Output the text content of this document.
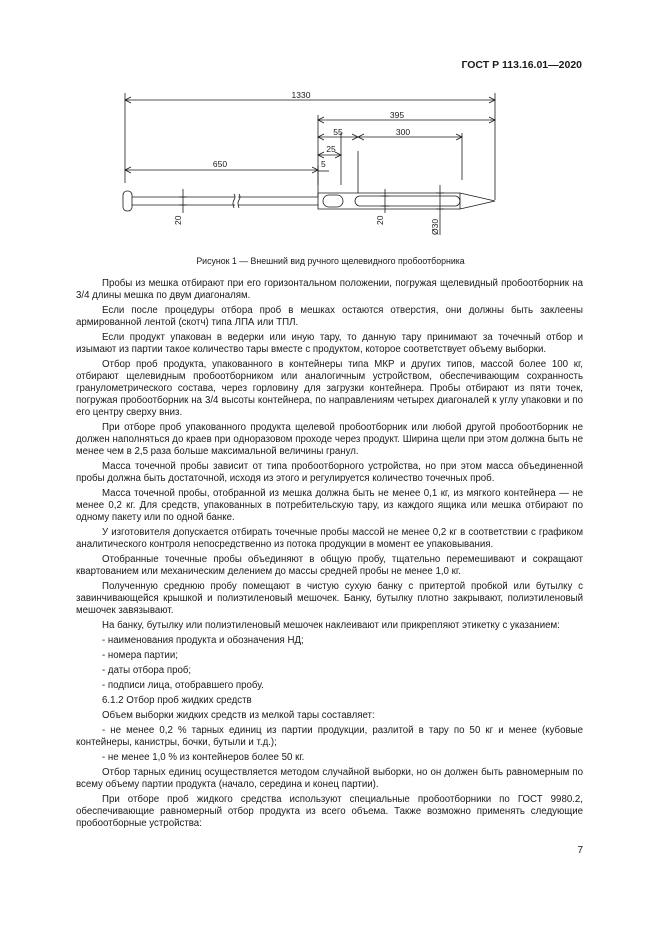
ГОСТ Р 113.16.01—2020
1330
395
55	300
25
5
650
20	20	Ø30
Рисунок 1 — Внешний вид ручного щелевидного пробоотборника

Пробы из мешка отбирают при его горизонтальном положении, погружая щелевидный пробоотборник на 3/4 длины мешка по двум диагоналям.

Если после процедуры отбора проб в мешках остаются отверстия, они должны быть заклеены армированной лентой (скотч) типа ЛПА или ТПЛ.

Если продукт упакован в ведерки или иную тару, то данную тару принимают за точечный отбор и изымают из партии такое количество тары вместе с продуктом, которое соответствует объему выборки.

Отбор проб продукта, упакованного в контейнеры типа МКР и других типов, массой более 100 кг, отбирают щелевидным пробоотборником или аналогичным устройством, обеспечивающим сохранность гранулометрического состава, через горловину для загрузки контейнера. Пробы отбирают из пяти точек, погружая пробоотборник на 3/4 высоты контейнера, по направлениям четырех диагоналей к углу упаковки и по его центру сверху вниз.

При отборе проб упакованного продукта щелевой пробоотборник или любой другой пробоотборник не должен наполняться до краев при одноразовом проходе через продукт. Ширина щели при этом должна быть не менее чем в 2,5 раза больше максимальной величины гранул.

Масса точечной пробы зависит от типа пробоотборного устройства, но при этом масса объединенной пробы должна быть достаточной, исходя из этого и регулируется количество точечных проб.

Масса точечной пробы, отобранной из мешка должна быть не менее 0,1 кг, из мягкого контейнера — не менее 0,2 кг. Для средств, упакованных в потребительскую тару, из каждого ящика или мешка отбирают по одному пакету или по одной банке.

У изготовителя допускается отбирать точечные пробы массой не менее 0,2 кг в соответствии с графиком аналитического контроля непосредственно из потока продукции в момент ее упаковывания.

Отобранные точечные пробы объединяют в общую пробу, тщательно перемешивают и сокращают квартованием или механическим делением до массы средней пробы не менее 1,0 кг.

Полученную среднюю пробу помещают в чистую сухую банку с притертой пробкой или бутылку с завинчивающейся крышкой и полиэтиленовый мешочек. Банку, бутылку плотно закрывают, полиэтиленовый мешочек завязывают.

На банку, бутылку или полиэтиленовый мешочек наклеивают или прикрепляют этикетку с указанием:

- наименования продукта и обозначения НД;

- номера партии;

- даты отбора проб;

- подписи лица, отобравшего пробу.

6.1.2 Отбор проб жидких средств

Объем выборки жидких средств из мелкой тары составляет:

- не менее 0,2 % тарных единиц из партии продукции, разлитой в тару по 50 кг и менее (кубовые контейнеры, канистры, бочки, бутыли и т.д.);

- не менее 1,0 % из контейнеров более 50 кг.

Отбор тарных единиц осуществляется методом случайной выборки, но он должен быть равномерным по всему объему партии продукта (начало, середина и конец партии).

При отборе проб жидкого средства используют специальные пробоотборники по ГОСТ 9980.2, обеспечивающие равномерный отбор продукта из всего объема. Также возможно применять следующие пробоотборные устройства:

7
